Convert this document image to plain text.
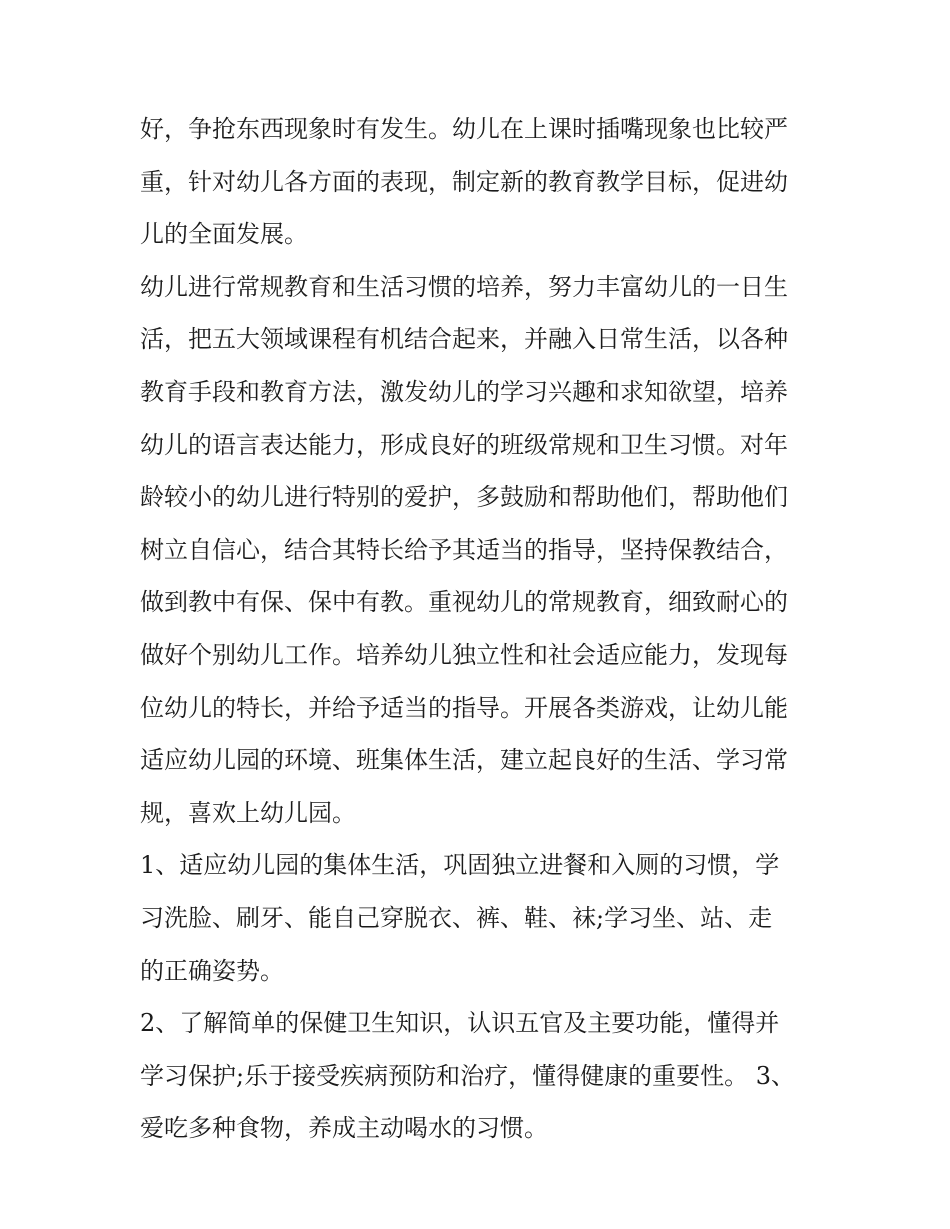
好，争抢东西现象时有发生。幼儿在上课时插嘴现象也比较严
重，针对幼儿各方面的表现，制定新的教育教学目标，促进幼
儿的全面发展。
幼儿进行常规教育和生活习惯的培养，努力丰富幼儿的一日生
活，把五大领域课程有机结合起来，并融入日常生活，以各种
教育手段和教育方法，激发幼儿的学习兴趣和求知欲望，培养
幼儿的语言表达能力，形成良好的班级常规和卫生习惯。对年
龄较小的幼儿进行特别的爱护，多鼓励和帮助他们，帮助他们
树立自信心，结合其特长给予其适当的指导，坚持保教结合，
做到教中有保、保中有教。重视幼儿的常规教育，细致耐心的
做好个别幼儿工作。培养幼儿独立性和社会适应能力，发现每
位幼儿的特长，并给予适当的指导。开展各类游戏，让幼儿能
适应幼儿园的环境、班集体生活，建立起良好的生活、学习常
规，喜欢上幼儿园。
1、适应幼儿园的集体生活，巩固独立进餐和入厕的习惯，学
习洗脸、刷牙、能自己穿脱衣、裤、鞋、袜;学习坐、站、走
的正确姿势。
2、了解简单的保健卫生知识，认识五官及主要功能，懂得并
学习保护;乐于接受疾病预防和治疗，懂得健康的重要性。 3、
爱吃多种食物，养成主动喝水的习惯。
